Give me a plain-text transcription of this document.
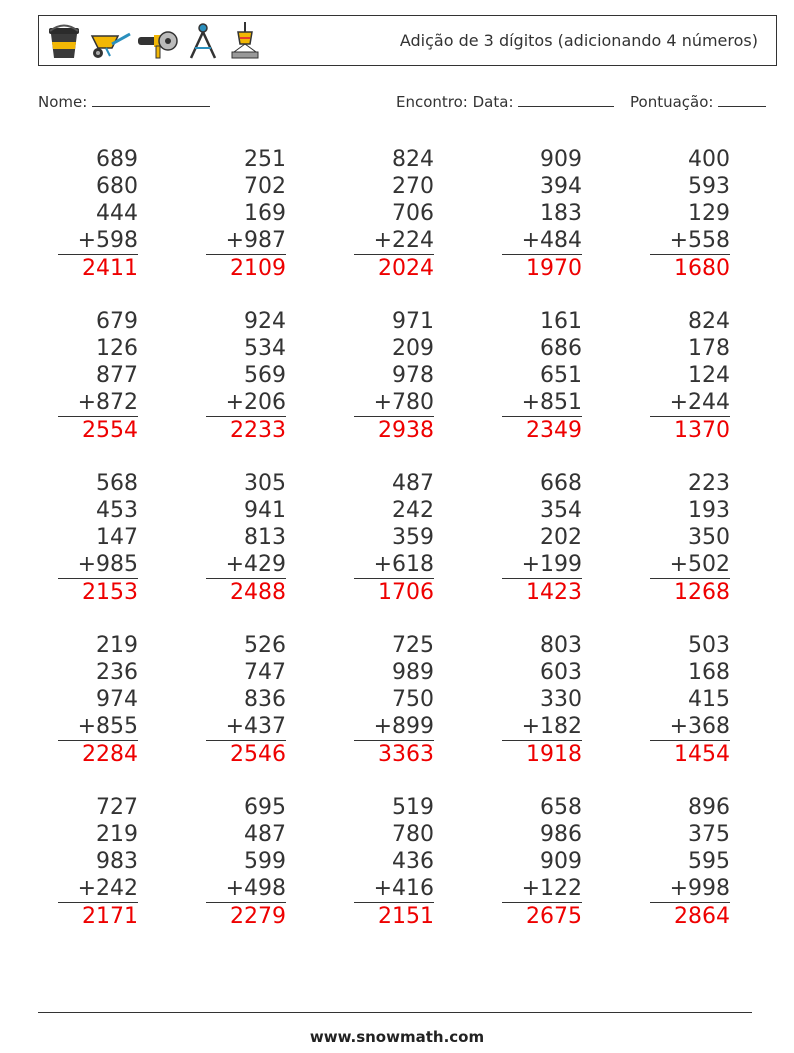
Adição de 3 dígitos (adicionando 4 números)
Nome:	Encontro: Data:	Pontuação:
689
680
444
+598
2411
251
702
169
+987
2109
824
270
706
+224
2024
909
394
183
+484
1970
400
593
129
+558
1680
679
126
877
+872
2554
924
534
569
+206
2233
971
209
978
+780
2938
161
686
651
+851
2349
824
178
124
+244
1370
568
453
147
+985
2153
305
941
813
+429
2488
487
242
359
+618
1706
668
354
202
+199
1423
223
193
350
+502
1268
219
236
974
+855
2284
526
747
836
+437
2546
725
989
750
+899
3363
803
603
330
+182
1918
503
168
415
+368
1454
727
219
983
+242
2171
695
487
599
+498
2279
519
780
436
+416
2151
658
986
909
+122
2675
896
375
595
+998
2864
www.snowmath.com
